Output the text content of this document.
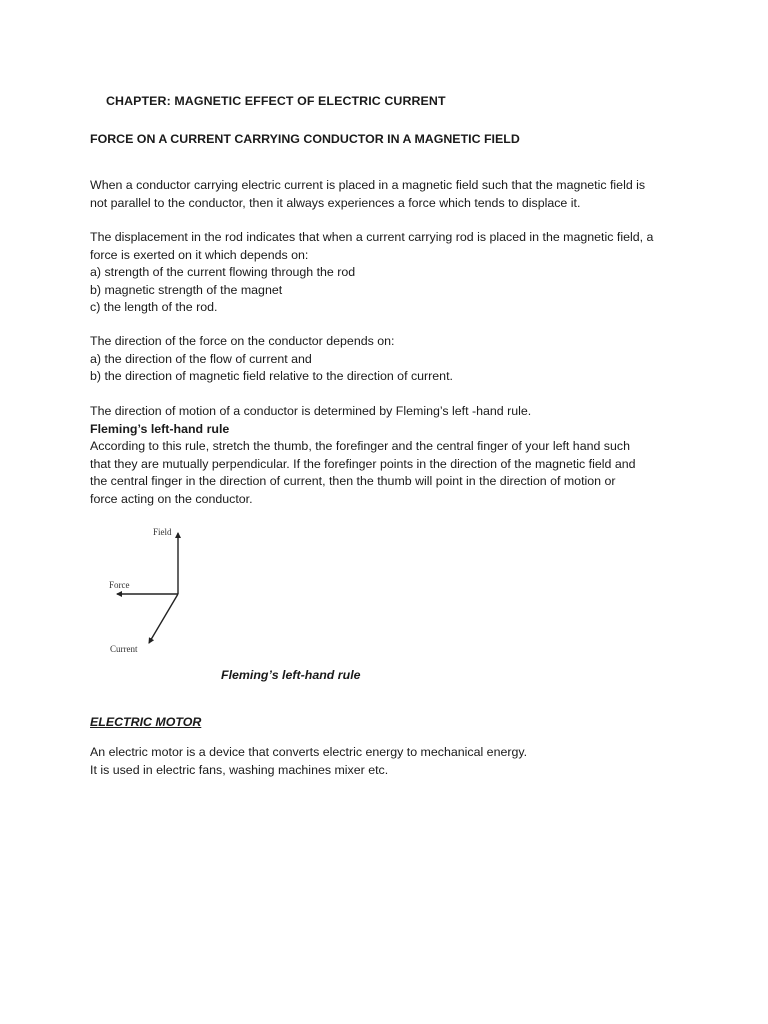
CHAPTER: MAGNETIC EFFECT OF ELECTRIC CURRENT
FORCE ON A CURRENT CARRYING CONDUCTOR IN A MAGNETIC FIELD
When a conductor carrying electric current is placed in a magnetic field such that the magnetic field is
not parallel to the conductor, then it always experiences a force which tends to displace it.
The displacement in the rod indicates that when a current carrying rod is placed in the magnetic field, a
force is exerted on it which depends on:
a) strength of the current flowing through the rod
b) magnetic strength of the magnet
c) the length of the rod.
The direction of the force on the conductor depends on:
a) the direction of the flow of current and
b) the direction of magnetic field relative to the direction of current.
The direction of motion of a conductor is determined by Fleming’s left -hand rule.
Fleming’s left-hand rule
According to this rule, stretch the thumb, the forefinger and the central finger of your left hand such
that they are mutually perpendicular. If the forefinger points in the direction of the magnetic field and
the central finger in the direction of current, then the thumb will point in the direction of motion or
force acting on the conductor.
Field
Force
Current
Fleming’s left-hand rule
ELECTRIC MOTOR
An electric motor is a device that converts electric energy to mechanical energy.
It is used in electric fans, washing machines mixer etc.
